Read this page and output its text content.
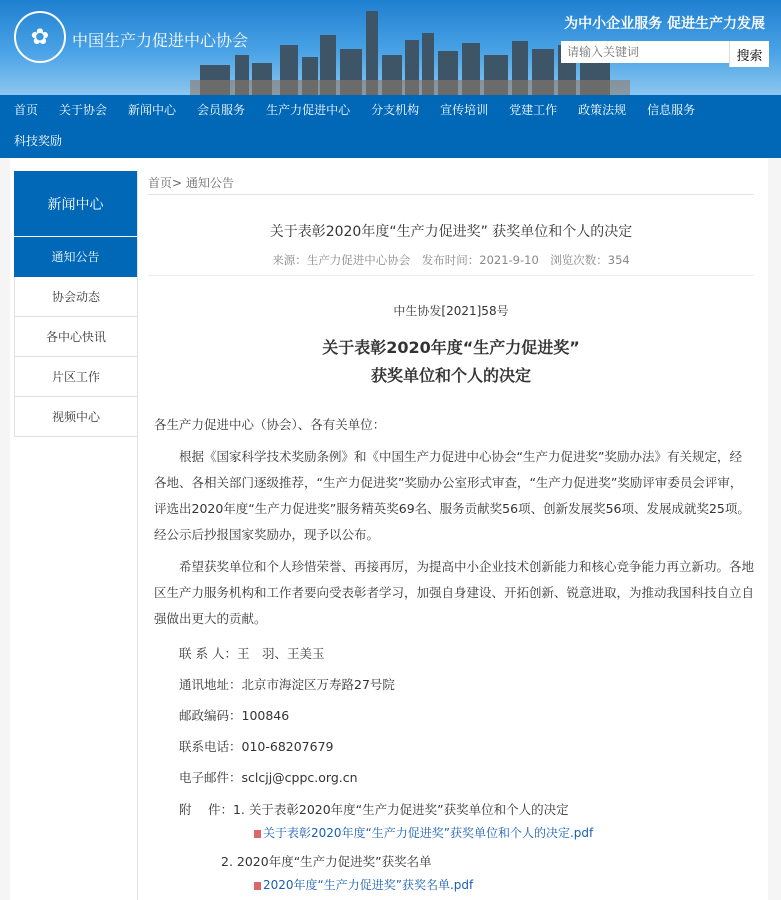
✿	中国生产力促进中心协会
为中小企业服务 促进生产力发展
请输入关键词
搜索
首页 关于协会 新闻中心 会员服务 生产力促进中心 分支机构 宣传培训 党建工作 政策法规 信息服务
科技奖励
新闻中心
通知公告
协会动态
各中心快讯
片区工作
视频中心
首页> 通知公告
关于表彰2020年度“生产力促进奖” 获奖单位和个人的决定
来源：生产力促进中心协会　发布时间：2021-9-10　浏览次数：354
中生协发[2021]58号
关于表彰2020年度“生产力促进奖”
获奖单位和个人的决定

各生产力促进中心（协会）、各有关单位：

根据《国家科学技术奖励条例》和《中国生产力促进中心协会“生产力促进奖”奖励办法》有关规定，经各地、各相关部门逐级推荐，“生产力促进奖”奖励办公室形式审查，“生产力促进奖”奖励评审委员会评审，评选出2020年度“生产力促进奖”服务精英奖69名、服务贡献奖56项、创新发展奖56项、发展成就奖25项。经公示后抄报国家奖励办，现予以公布。

希望获奖单位和个人珍惜荣誉、再接再厉，为提高中小企业技术创新能力和核心竞争能力再立新功。各地区生产力服务机构和工作者要向受表彰者学习，加强自身建设、开拓创新、锐意进取，为推动我国科技自立自强做出更大的贡献。

联 系 人：王　羽、王美玉
通讯地址：北京市海淀区万寿路27号院
邮政编码：100846
联系电话：010-68207679
电子邮件：sclcjj@cppc.org.cn
附　 件：1. 关于表彰2020年度“生产力促进奖”获奖单位和个人的决定
关于表彰2020年度“生产力促进奖”获奖单位和个人的决定.pdf
2. 2020年度“生产力促进奖”获奖名单
2020年度“生产力促进奖”获奖名单.pdf
